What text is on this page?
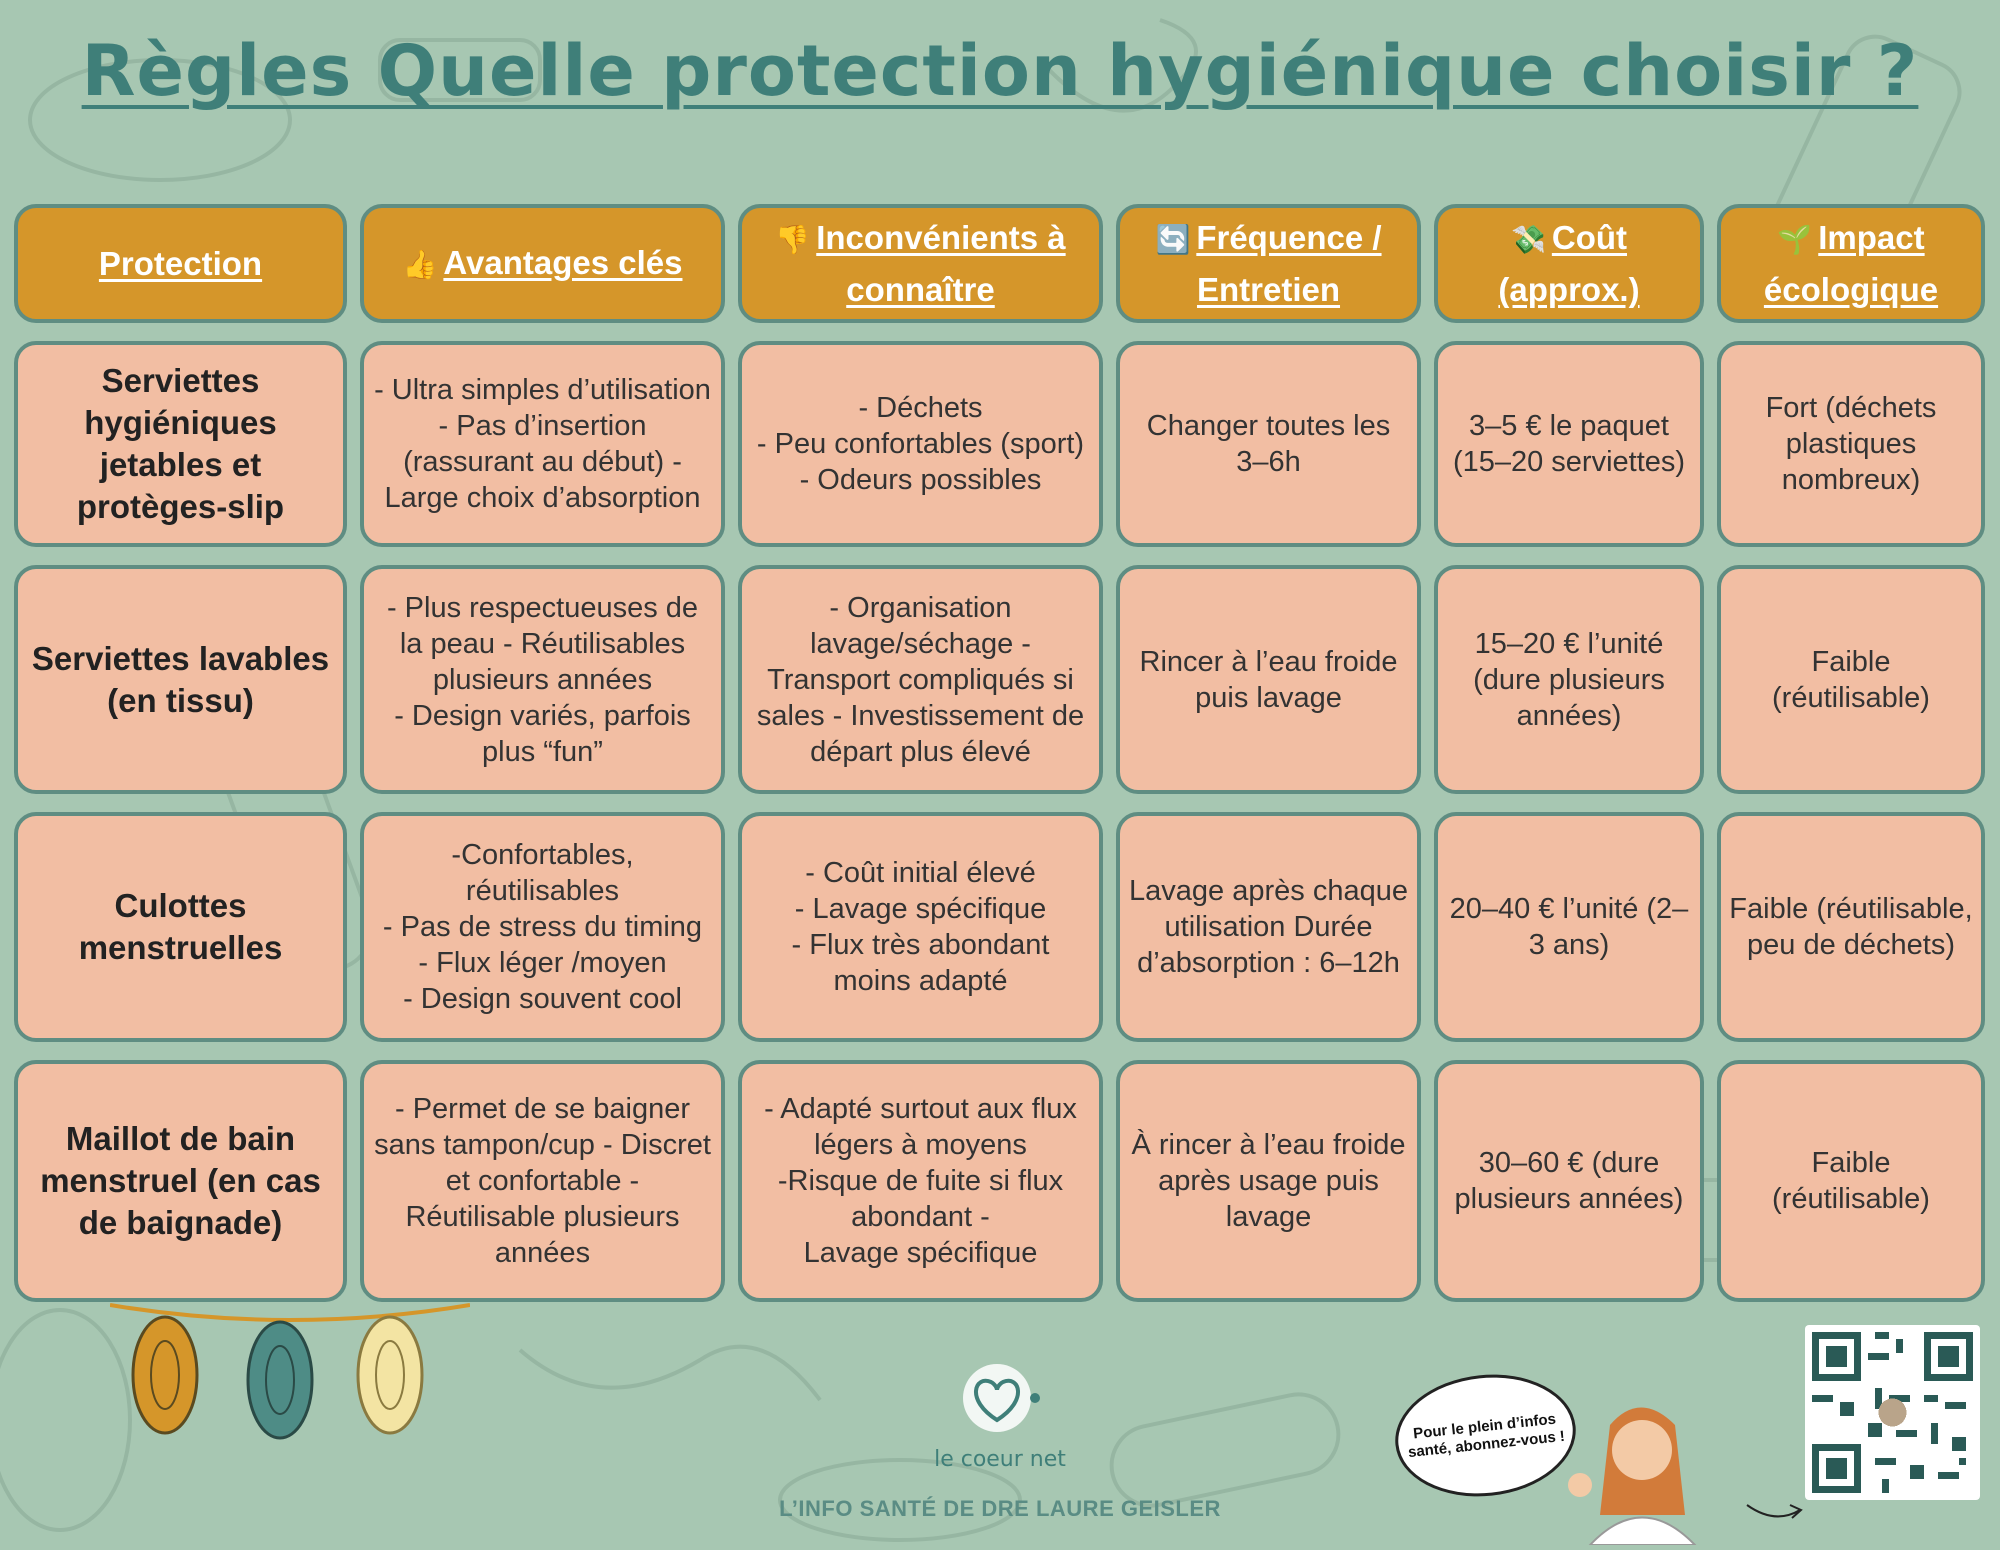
Règles Quelle protection hygiénique choisir ?
Protection	👍 Avantages clés
👎 Inconvénients à connaître
🔄 Fréquence / Entretien
💸 Coût (approx.)
🌱 Impact écologique
Serviettes hygiéniques jetables et protèges-slip
- Ultra simples d’utilisation - Pas d’insertion (rassurant au début) - Large choix d’absorption
- Déchets
- Peu confortables (sport)
- Odeurs possibles
Changer toutes les 3–6h
3–5 € le paquet (15–20 serviettes)
Fort (déchets plastiques nombreux)
Serviettes lavables (en tissu)
- Plus respectueuses de la peau - Réutilisables plusieurs années
- Design variés, parfois plus “fun”
- Organisation lavage/séchage - Transport compliqués si sales - Investissement de départ plus élevé
Rincer à l’eau froide puis lavage
15–20 € l’unité (dure plusieurs années)
Faible (réutilisable)
Culottes menstruelles
-Confortables, réutilisables
- Pas de stress du timing
- Flux léger /moyen
- Design souvent cool
- Coût initial élevé
- Lavage spécifique
- Flux très abondant moins adapté
Lavage après chaque utilisation Durée d’absorption : 6–12h
20–40 € l’unité (2–3 ans)
Faible (réutilisable, peu de déchets)
Maillot de bain menstruel (en cas de baignade)
- Permet de se baigner sans tampon/cup - Discret et confortable - Réutilisable plusieurs années
- Adapté surtout aux flux légers à moyens
-Risque de fuite si flux abondant -
Lavage spécifique
À rincer à l’eau froide après usage puis lavage
30–60 € (dure plusieurs années)
Faible (réutilisable)
le coeur net
L’INFO SANTÉ DE DRE LAURE GEISLER
Pour le plein d’infos santé, abonnez-vous !
